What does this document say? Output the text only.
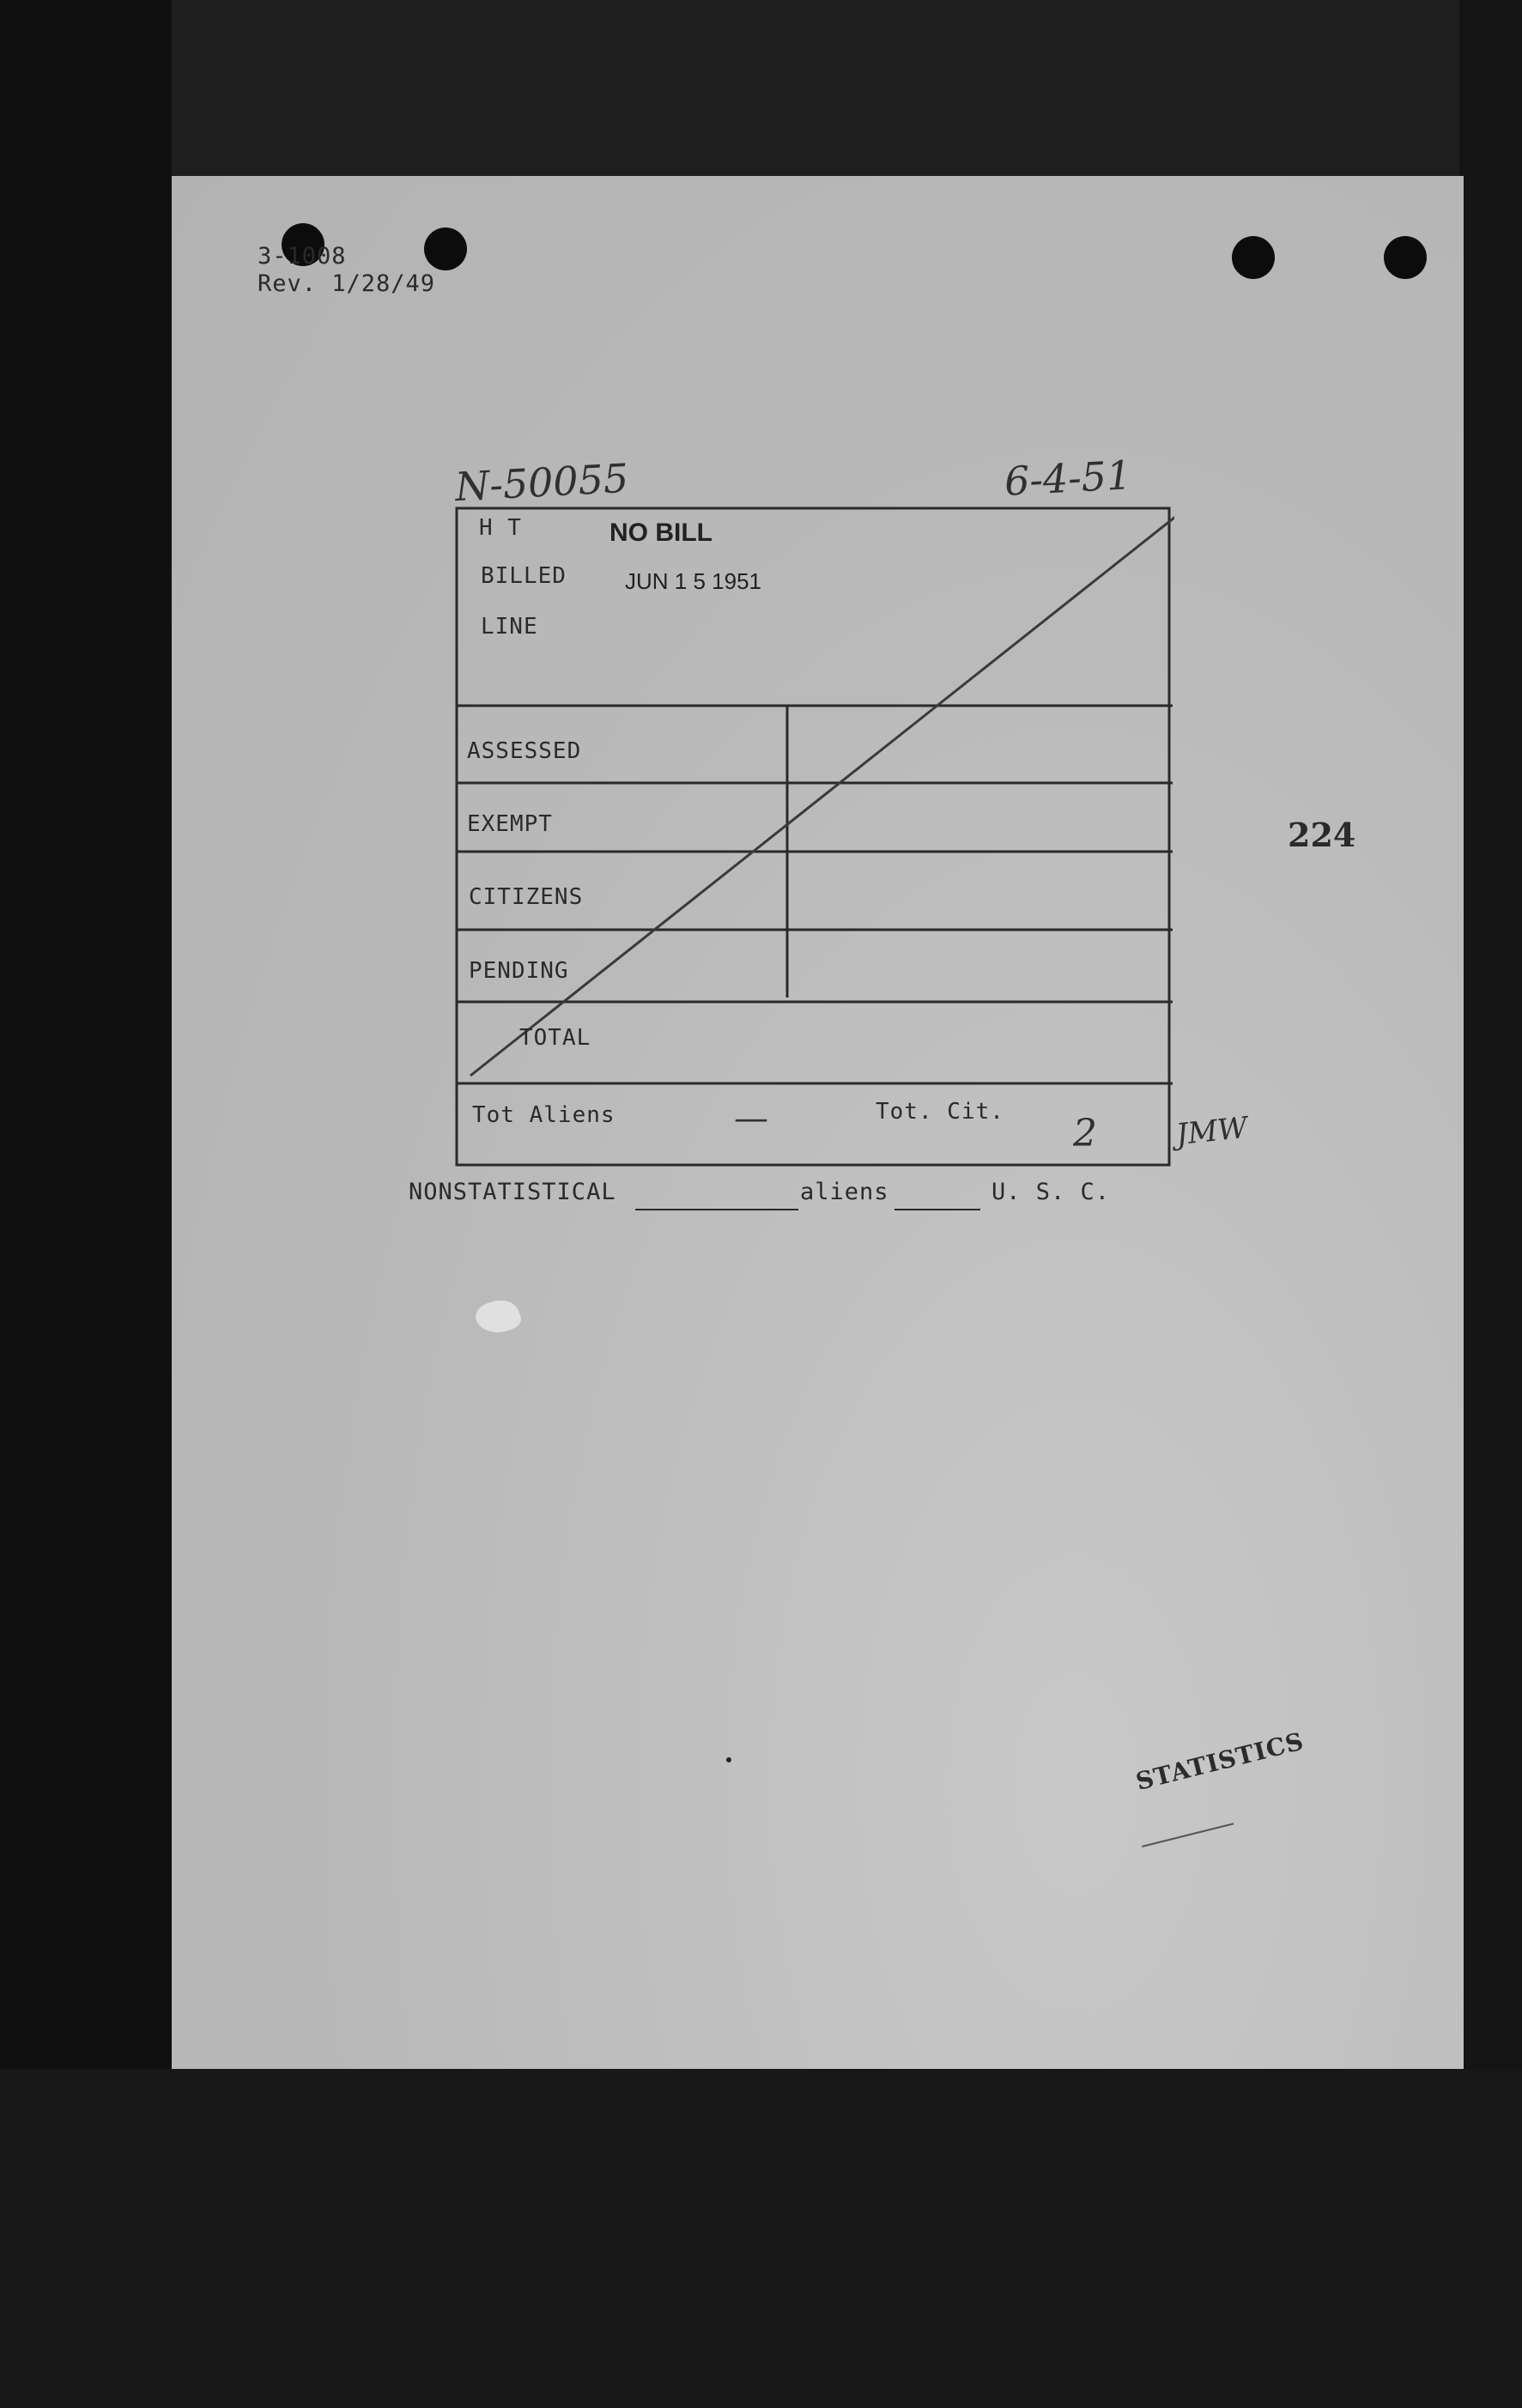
3-1008
Rev. 1/28/49
N-50055	6-4-51
224
NONSTATISTICAL	aliens	U. S. C.
STATISTICS
H T	NO BILL
BILLED	JUN 1 5 1951
LINE
ASSESSED
EXEMPT
CITIZENS
PENDING
TOTAL
Tot Aliens	—	Tot. Cit. 2	JMW
